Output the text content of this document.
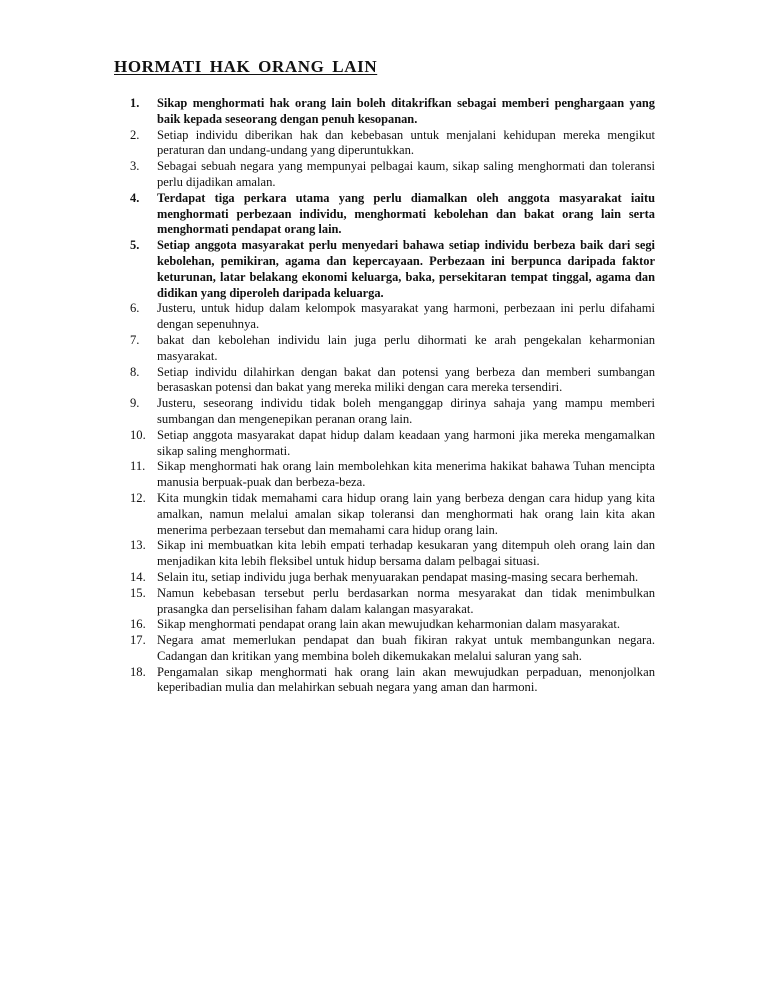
HORMATI HAK ORANG LAIN
1.	Sikap menghormati hak orang lain boleh ditakrifkan sebagai memberi penghargaan yang baik kepada seseorang dengan penuh kesopanan.
2.	Setiap individu diberikan hak dan kebebasan untuk menjalani kehidupan mereka mengikut peraturan dan undang-undang yang diperuntukkan.
3.	Sebagai sebuah negara yang mempunyai pelbagai kaum, sikap saling menghormati dan toleransi perlu dijadikan amalan.
4.	Terdapat tiga perkara utama yang perlu diamalkan oleh anggota masyarakat iaitu menghormati perbezaan individu, menghormati kebolehan dan bakat orang lain serta menghormati pendapat orang lain.
5.	Setiap anggota masyarakat perlu menyedari bahawa setiap individu berbeza baik dari segi kebolehan, pemikiran, agama dan kepercayaan. Perbezaan ini berpunca daripada faktor keturunan, latar belakang ekonomi keluarga, baka, persekitaran tempat tinggal, agama dan didikan yang diperoleh daripada keluarga.
6.	Justeru, untuk hidup dalam kelompok masyarakat yang harmoni, perbezaan ini perlu difahami dengan sepenuhnya.
7.	bakat dan kebolehan individu lain juga perlu dihormati ke arah pengekalan keharmonian masyarakat.
8.	Setiap individu dilahirkan dengan bakat dan potensi yang berbeza dan memberi sumbangan berasaskan potensi dan bakat yang mereka miliki dengan cara mereka tersendiri.
9.	Justeru, seseorang individu tidak boleh menganggap dirinya sahaja yang mampu memberi sumbangan dan mengenepikan peranan orang lain.
10. Setiap anggota masyarakat dapat hidup dalam keadaan yang harmoni jika mereka mengamalkan sikap saling menghormati.
11. Sikap menghormati hak orang lain membolehkan kita menerima hakikat bahawa Tuhan mencipta manusia berpuak-puak dan berbeza-beza.
12. Kita mungkin tidak memahami cara hidup orang lain yang berbeza dengan cara hidup yang kita amalkan, namun melalui amalan sikap toleransi dan menghormati hak orang lain kita akan menerima perbezaan tersebut dan memahami cara hidup orang lain.
13. Sikap ini membuatkan kita lebih empati terhadap kesukaran yang ditempuh oleh orang lain dan menjadikan kita lebih fleksibel untuk hidup bersama dalam pelbagai situasi.
14. Selain itu, setiap individu juga berhak menyuarakan pendapat masing-masing secara berhemah.
15. Namun kebebasan tersebut perlu berdasarkan norma mesyarakat dan tidak menimbulkan prasangka dan perselisihan faham dalam kalangan masyarakat.
16. Sikap menghormati pendapat orang lain akan mewujudkan keharmonian dalam masyarakat.
17. Negara amat memerlukan pendapat dan buah fikiran rakyat untuk membangunkan negara. Cadangan dan kritikan yang membina boleh dikemukakan melalui saluran yang sah.
18. Pengamalan sikap menghormati hak orang lain akan mewujudkan perpaduan, menonjolkan keperibadian mulia dan melahirkan sebuah negara yang aman dan harmoni.
